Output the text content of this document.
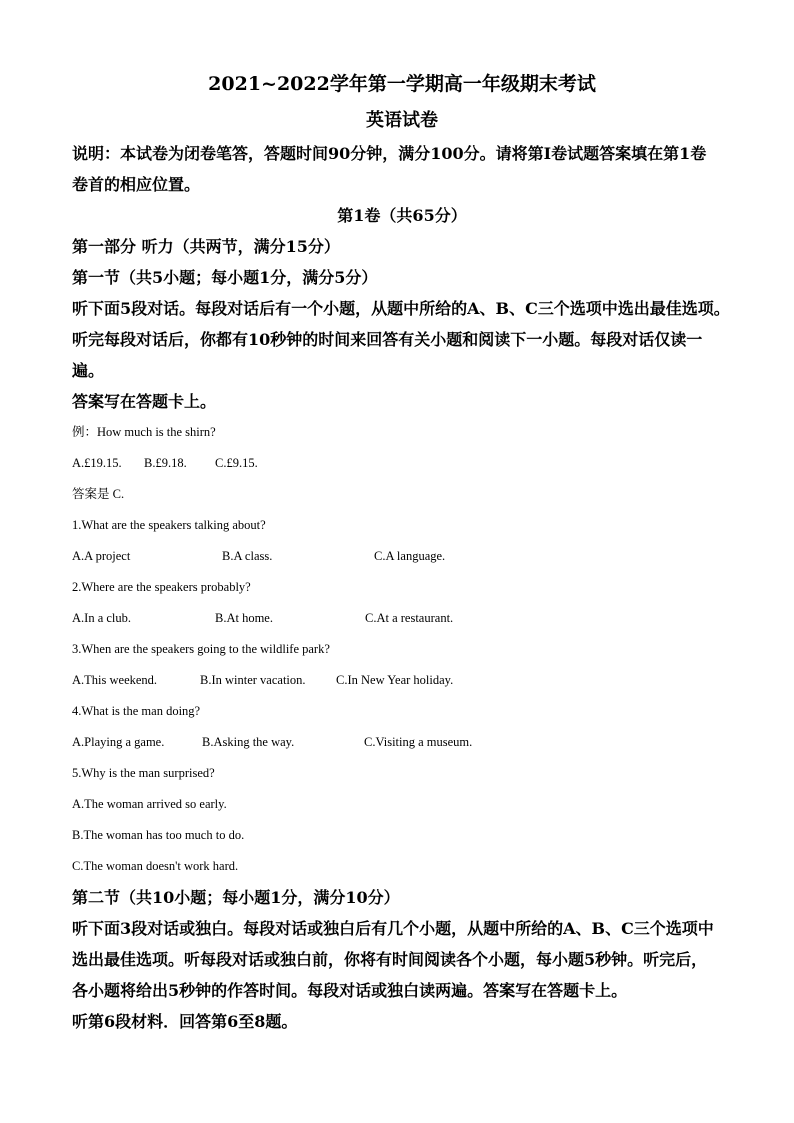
2021~2022学年第一学期高一年级期末考试
英语试卷
说明：本试卷为闭卷笔答，答题时间90分钟，满分100分。请将第I卷试题答案填在第1卷
卷首的相应位置。
第1卷（共65分）
第一部分 听力（共两节，满分15分）
第一节（共5小题；每小题1分，满分5分）
听下面5段对话。每段对话后有一个小题，从题中所给的A、B、C三个选项中选出最佳选项。
听完每段对话后，你都有10秒钟的时间来回答有关小题和阅读下一小题。每段对话仅读一遍。
答案写在答题卡上。
例：How much is the shirn?
A.£19.15. B.£9.18. C.£9.15.
答案是 C.
1.What are the speakers talking about?
A.A project	B.A class.	C.A language.
2.Where are the speakers probably?
A.In a club.	B.At home.	C.At a restaurant.
3.When are the speakers going to the wildlife park?
A.This weekend.	B.In winter vacation. C.In New Year holiday.
4.What is the man doing?
A.Playing a game.	B.Asking the way.	C.Visiting a museum.
5.Why is the man surprised?
A.The woman arrived so early.
B.The woman has too much to do.
C.The woman doesn't work hard.
第二节（共10小题；每小题1分，满分10分）
听下面3段对话或独白。每段对话或独白后有几个小题，从题中所给的A、B、C三个选项中
选出最佳选项。听每段对话或独白前，你将有时间阅读各个小题，每小题5秒钟。听完后，
各小题将给出5秒钟的作答时间。每段对话或独白读两遍。答案写在答题卡上。
听第6段材料．回答第6至8题。
